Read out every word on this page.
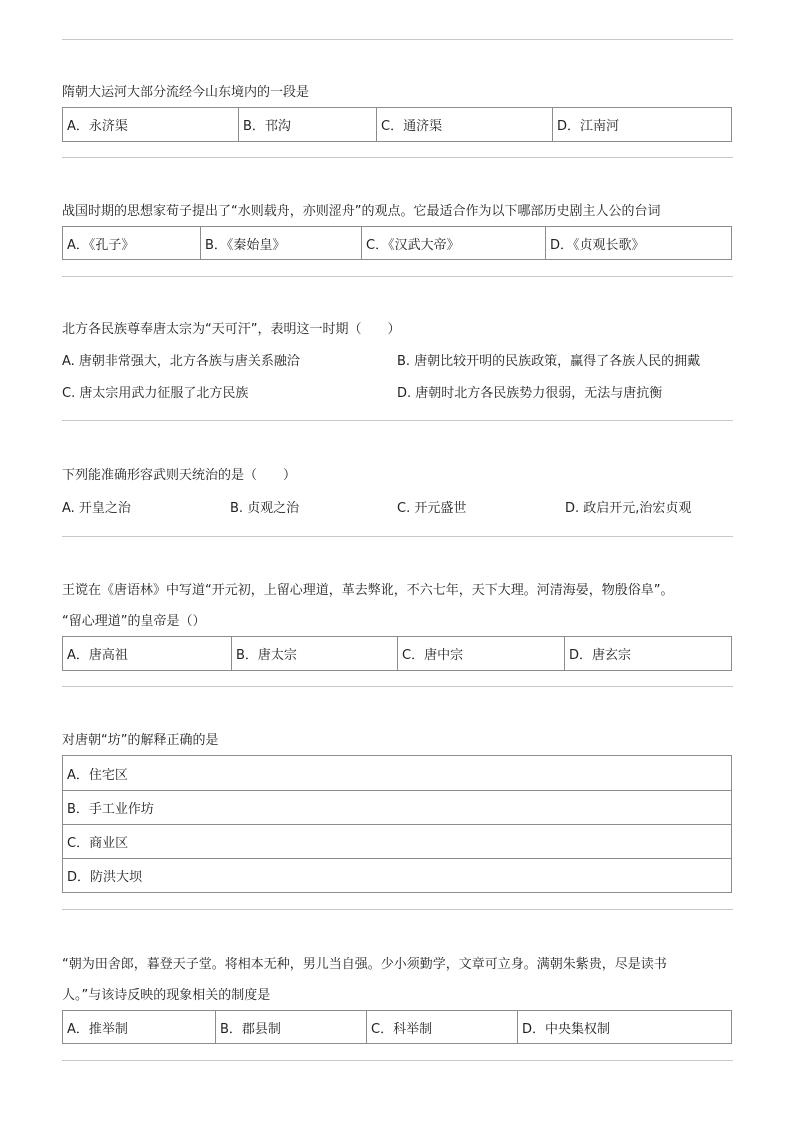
隋朝大运河大部分流经今山东境内的一段是
A．永济渠	B．邗沟	C．通济渠	D．江南河
战国时期的思想家荀子提出了“水则载舟，亦则涩舟”的观点。它最适合作为以下哪部历史剧主人公的台词
A．《孔子》	B．《秦始皇》	C．《汉武大帝》	D．《贞观长歌》
北方各民族尊奉唐太宗为“天可汗”，表明这一时期（　　）
A. 唐朝非常强大，北方各族与唐关系融洽	B. 唐朝比较开明的民族政策，赢得了各族人民的拥戴
C. 唐太宗用武力征服了北方民族	D. 唐朝时北方各民族势力很弱，无法与唐抗衡
下列能准确形容武则天统治的是（　　）
A. 开皇之治	B. 贞观之治	C. 开元盛世	D. 政启开元,治宏贞观
王谠在《唐语林》中写道“开元初，上留心理道，革去弊讹，不六七年，天下大理。河清海晏，物殷俗阜”。
“留心理道”的皇帝是（）
A．唐高祖	B．唐太宗	C．唐中宗	D．唐玄宗
对唐朝“坊”的解释正确的是
A．住宅区
B．手工业作坊
C．商业区
D．防洪大坝
“朝为田舍郎，暮登天子堂。将相本无种，男儿当自强。少小须勤学，文章可立身。满朝朱紫贵，尽是读书
人。”与该诗反映的现象相关的制度是
A．推举制	B．郡县制	C．科举制	D．中央集权制
